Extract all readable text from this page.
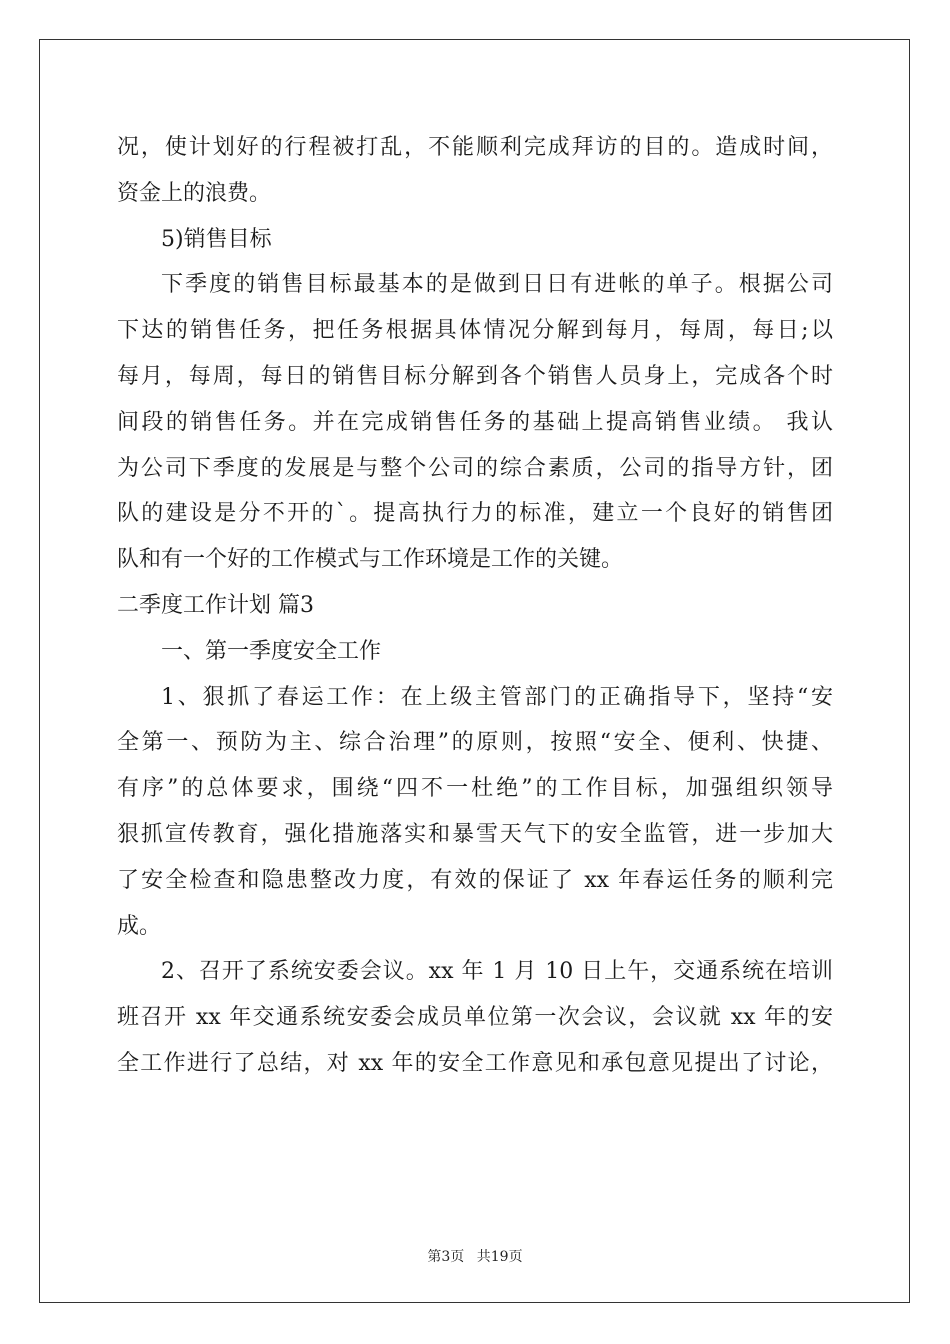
况，使计划好的行程被打乱，不能顺利完成拜访的目的。造成时间，
资金上的浪费。
5)销售目标
下季度的销售目标最基本的是做到日日有进帐的单子。根据公司
下达的销售任务，把任务根据具体情况分解到每月，每周，每日;以
每月，每周，每日的销售目标分解到各个销售人员身上，完成各个时
间段的销售任务。并在完成销售任务的基础上提高销售业绩。 我认
为公司下季度的发展是与整个公司的综合素质，公司的指导方针，团
队的建设是分不开的`。提高执行力的标准，建立一个良好的销售团
队和有一个好的工作模式与工作环境是工作的关键。
二季度工作计划 篇3
一、第一季度安全工作
1、狠抓了春运工作：在上级主管部门的正确指导下，坚持“安
全第一、预防为主、综合治理”的原则，按照“安全、便利、快捷、
有序”的总体要求，围绕“四不一杜绝”的工作目标，加强组织领导
狠抓宣传教育，强化措施落实和暴雪天气下的安全监管，进一步加大
了安全检查和隐患整改力度，有效的保证了 xx 年春运任务的顺利完
成。
2、召开了系统安委会议。xx 年 1 月 10 日上午，交通系统在培训
班召开 xx 年交通系统安委会成员单位第一次会议，会议就 xx 年的安
全工作进行了总结，对 xx 年的安全工作意见和承包意见提出了讨论，
第3页 共19页
